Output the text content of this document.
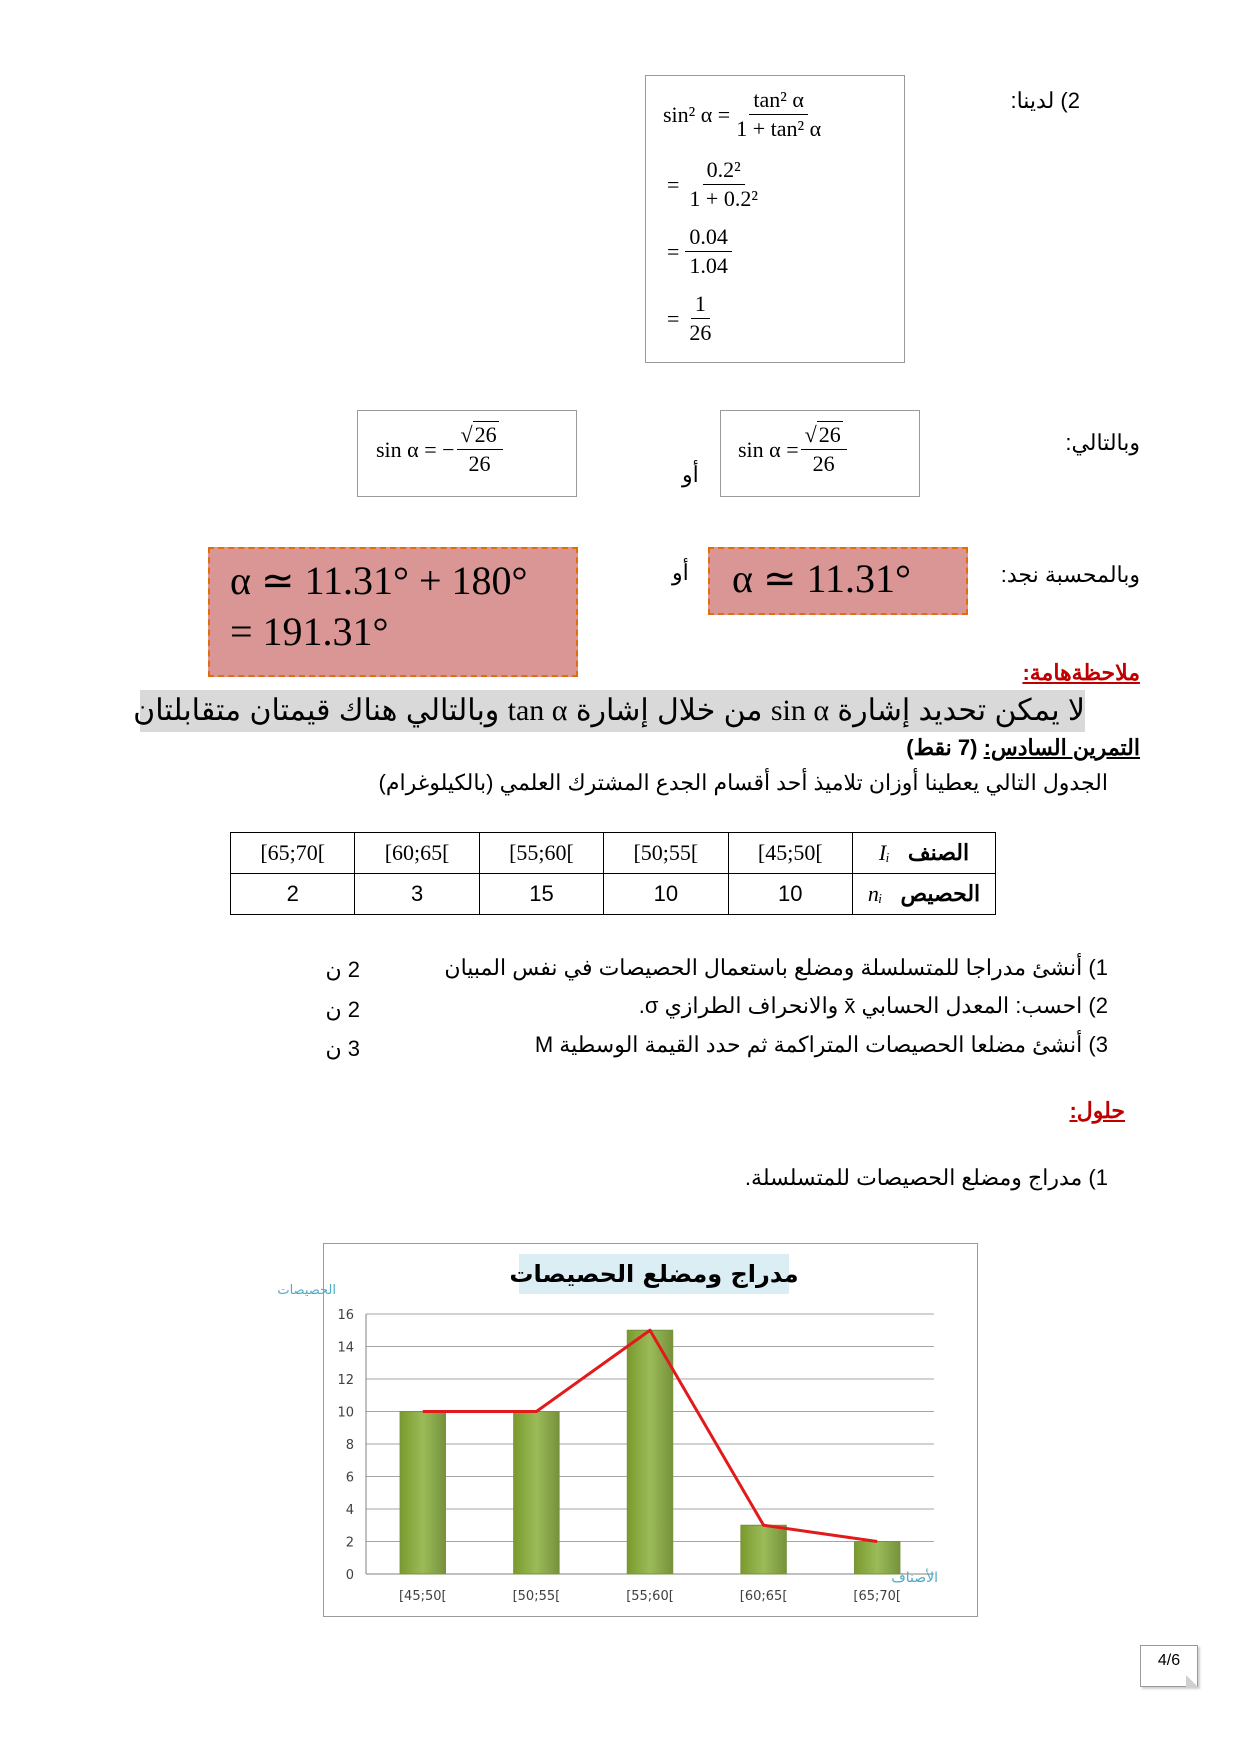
2) لدينا:
sin² $\alpha = \frac{\text{tan² α}}{\text{1 + tan² α}}$
= $\frac{\text{0.2²}}{\text{1 + 0.2²}}$
= $\frac{0.04}{1.04}$
= $\frac{1}{26}$
وبالتالي:
$\sin \alpha = \frac{√26}{26}$
أو
sin α = − $\frac{√26}{26}$
وبالمحسبة نجد:
α ≃ 11.31°
أو
α ≃ 11.31° + 180°
= 191.31°
ملاحظةهامة:
لا يمكن تحديد إشارة sin α من خلال إشارة tan α وبالتالي هناك قيمتان متقابلتان
التمرين السادس: (7 نقط)
الجدول التالي يعطينا أوزان تلاميذ أحد أقسام الجدع المشترك العلمي (بالكيلوغرام)
[65;70[	[60;65[	[55;60[	[50;55[	[45;50[	الصنف Iᵢ
2	3	15	10	10	الحصيص nᵢ
1) أنشئ مدراجا للمتسلسلة ومضلع باستعمال الحصيصات في نفس المبيان
2 ن
2) احسب: المعدل الحسابي x̄ والانحراف الطرازي σ.
2 ن
3) أنشئ مضلعا الحصيصات المتراكمة ثم حدد القيمة الوسطية M
3 ن
حلول:
1) مدراج ومضلع الحصيصات للمتسلسلة.
مدراج ومضلع الحصيصات
الحصيصات
0
2
4
6
8
10
12
14
16
[45;50[	[50;55[	[55;60[	[60;65[	[65;70[
الأصناف
4/6
